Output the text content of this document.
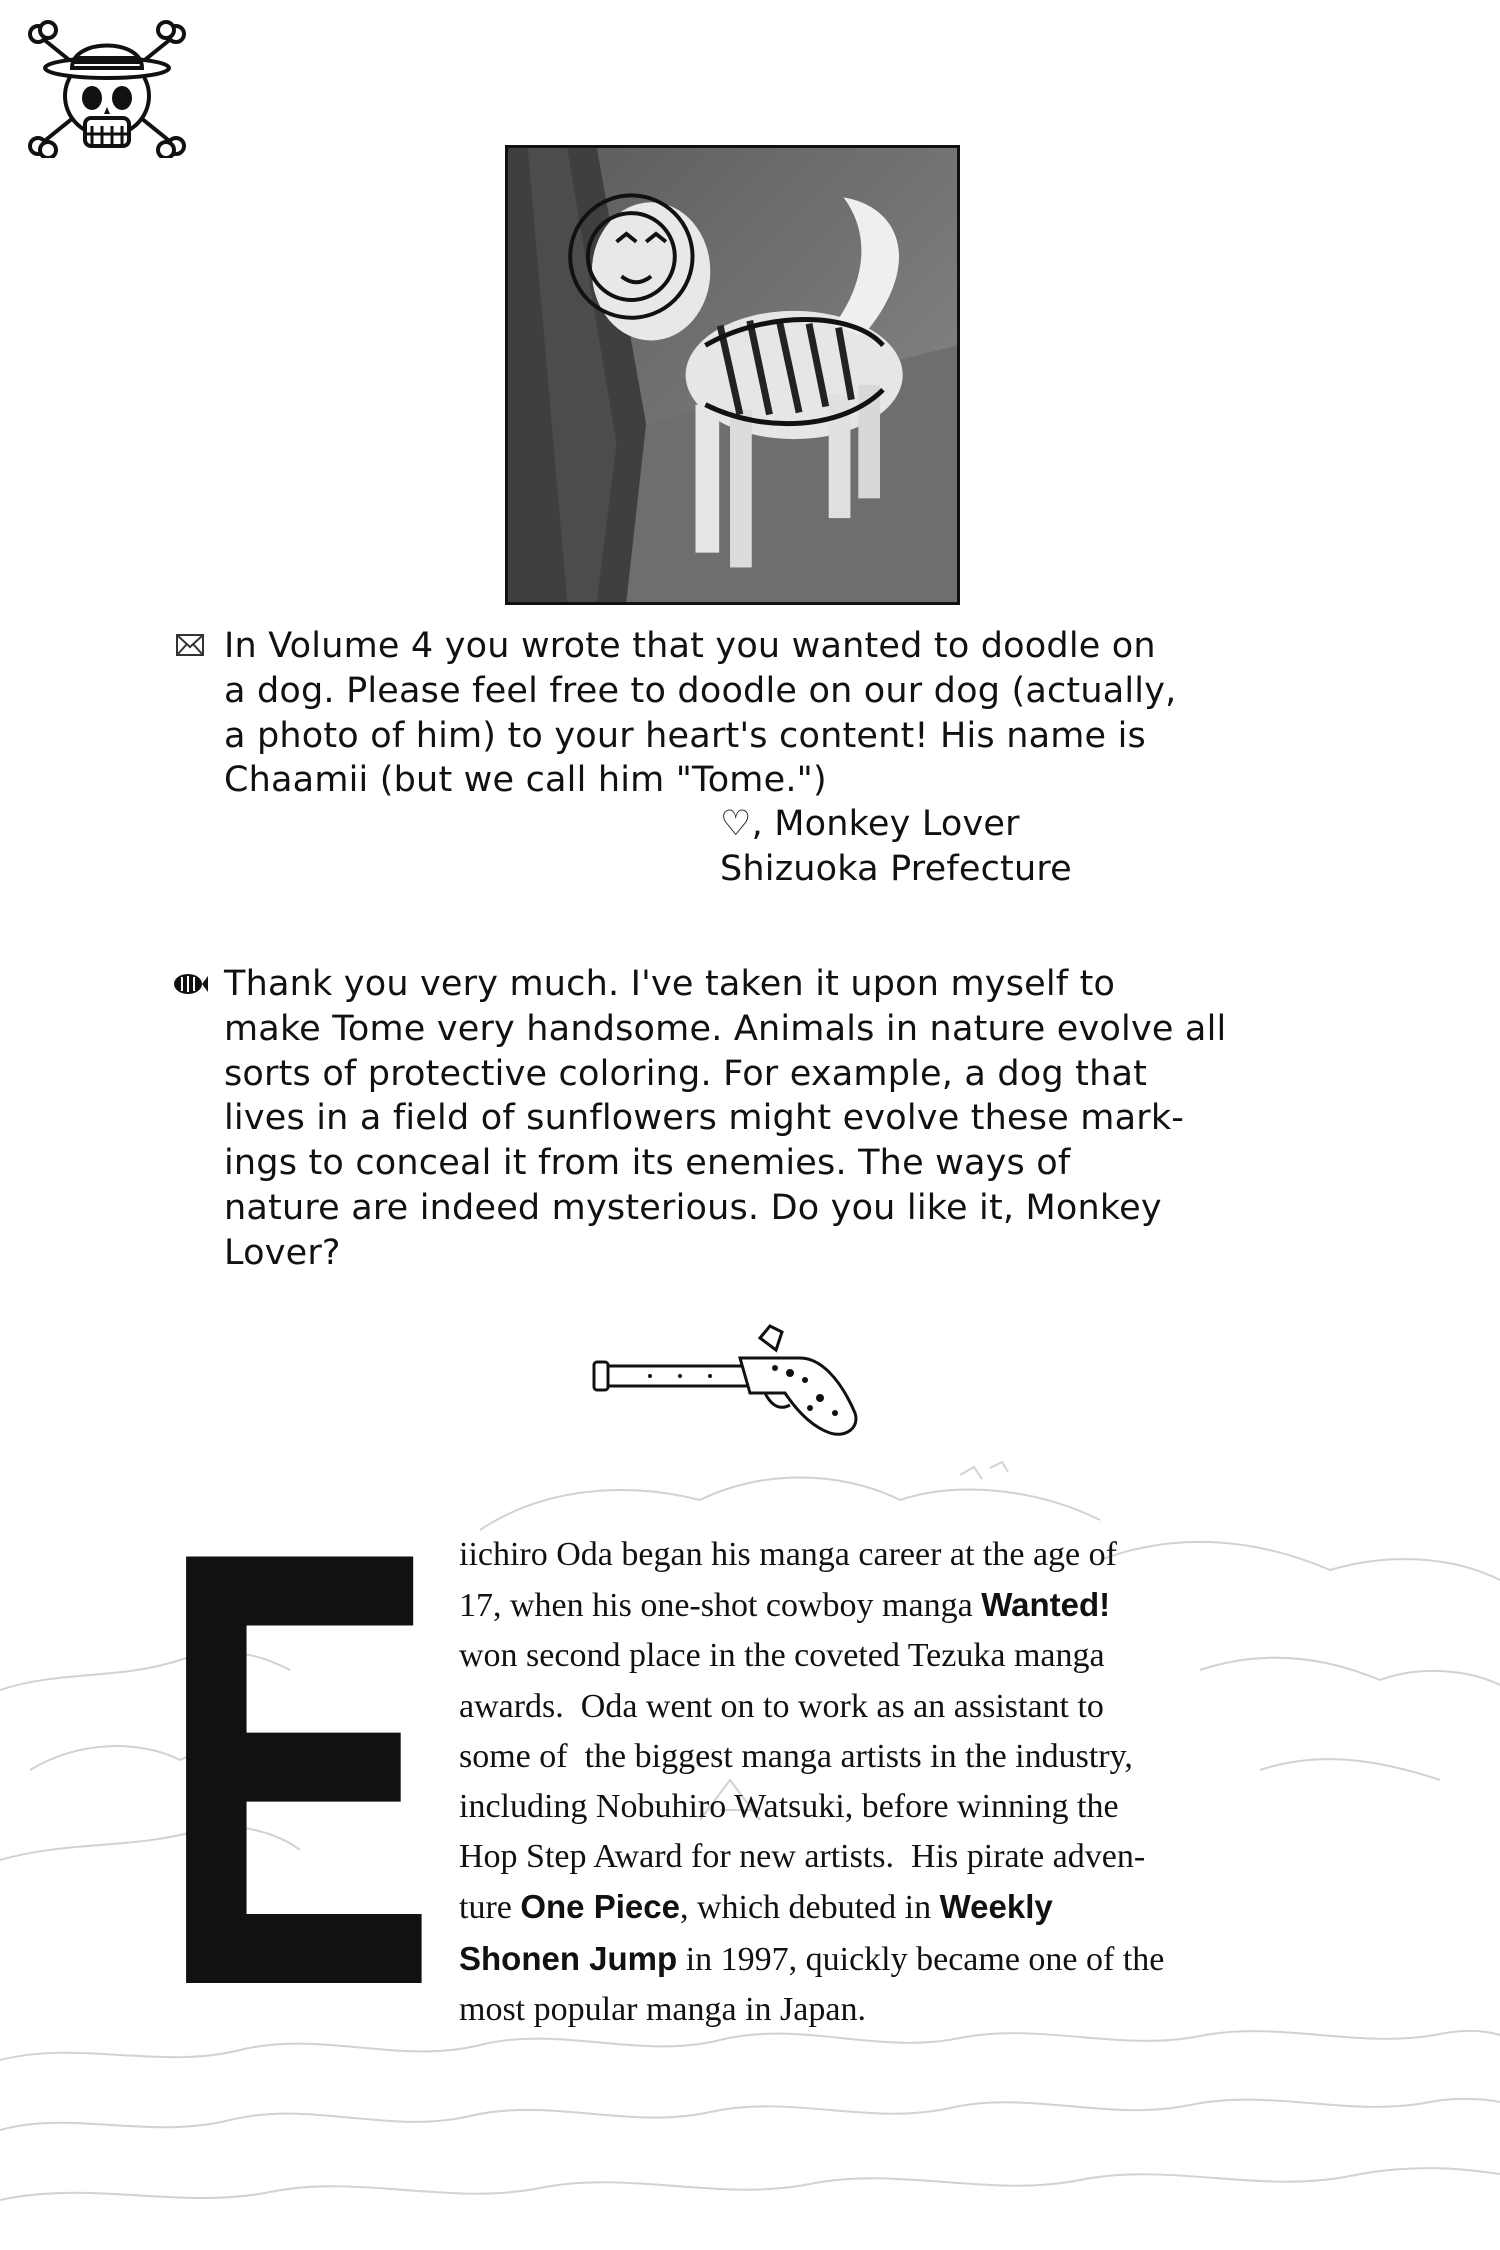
In Volume 4 you wrote that you wanted to doodle on

a dog. Please feel free to doodle on our dog (actually,

a photo of him) to your heart's content! His name is

Chaamii (but we call him "Tome.")

♡, Monkey Lover

Shizuoka Prefecture

Thank you very much. I've taken it upon myself to

make Tome very handsome. Animals in nature evolve all

sorts of protective coloring. For example, a dog that

lives in a field of sunflowers might evolve these mark-

ings to conceal it from its enemies. The ways of

nature are indeed mysterious. Do you like it, Monkey

Lover?

E iichiro Oda began his manga career at the age of

17, when his one-shot cowboy manga Wanted!

won second place in the coveted Tezuka manga

awards.  Oda went on to work as an assistant to

some of  the biggest manga artists in the industry,

including Nobuhiro Watsuki, before winning the

Hop Step Award for new artists.  His pirate adven-

ture One Piece, which debuted in Weekly

Shonen Jump in 1997, quickly became one of the

most popular manga in Japan.
